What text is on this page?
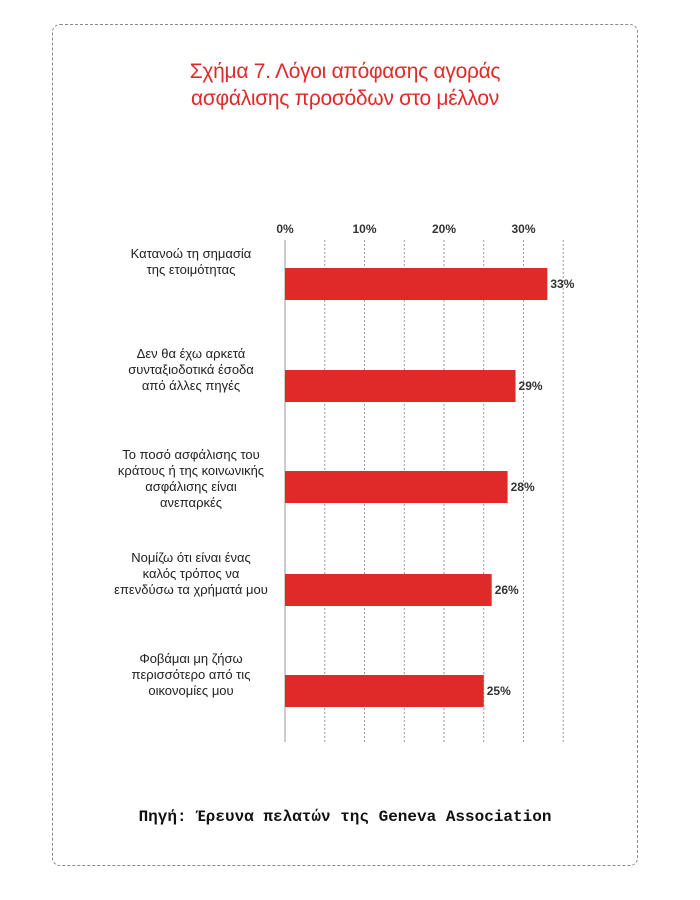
Σχήμα 7. Λόγοι απόφασης αγοράς
ασφάλισης προσόδων στο μέλλον
0%	10%	20%	30%
33%
Κατανοώ τη σημασία
της ετοιμότητας
29%
Δεν θα έχω αρκετά
συνταξιοδοτικά έσοδα
από άλλες πηγές
28%
Το ποσό ασφάλισης του
κράτους ή της κοινωνικής
ασφάλισης είναι
ανεπαρκές
26%
Νομίζω ότι είναι ένας
καλός τρόπος να
επενδύσω τα χρήματά μου
25%
Φοβάμαι μη ζήσω
περισσότερο από τις
οικονομίες μου
Πηγή: Έρευνα πελατών της Geneva Association
